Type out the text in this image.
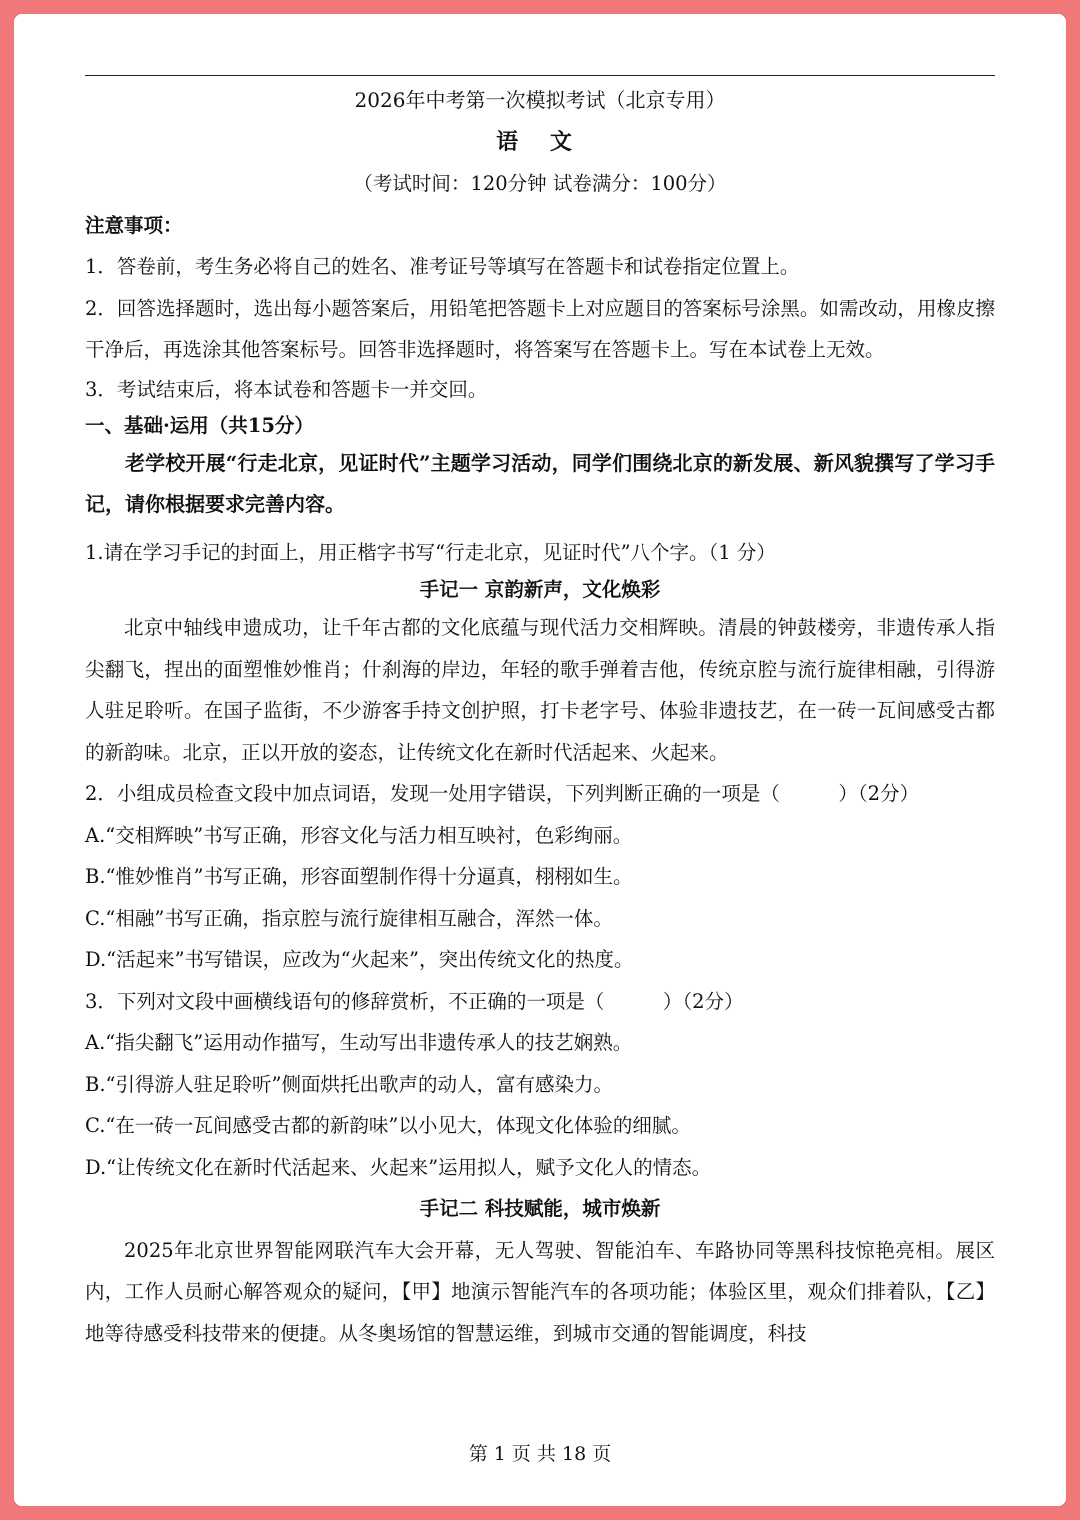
2026年中考第一次模拟考试（北京专用）

语 文

（考试时间：120分钟 试卷满分：100分）

注意事项：

1．答卷前，考生务必将自己的姓名、准考证号等填写在答题卡和试卷指定位置上。

2．回答选择题时，选出每小题答案后，用铅笔把答题卡上对应题目的答案标号涂黑。如需改动，用橡皮擦干净后，再选涂其他答案标号。回答非选择题时，将答案写在答题卡上。写在本试卷上无效。

3．考试结束后，将本试卷和答题卡一并交回。

一、基础·运用（共15分）

老学校开展“行走北京，见证时代”主题学习活动，同学们围绕北京的新发展、新风貌撰写了学习手记，请你根据要求完善内容。

1.请在学习手记的封面上，用正楷字书写“行走北京，见证时代”八个字。（1 分）

手记一 京韵新声，文化焕彩

北京中轴线申遗成功，让千年古都的文化底蕴与现代活力交相辉映。清晨的钟鼓楼旁，非遗传承人指尖翻飞，捏出的面塑惟妙惟肖；什刹海的岸边，年轻的歌手弹着吉他，传统京腔与流行旋律相融，引得游人驻足聆听。在国子监街，不少游客手持文创护照，打卡老字号、体验非遗技艺，在一砖一瓦间感受古都的新韵味。北京，正以开放的姿态，让传统文化在新时代活起来、火起来。

2．小组成员检查文段中加点词语，发现一处用字错误，下列判断正确的一项是（　　　）（2分）

A.“交相辉映”书写正确，形容文化与活力相互映衬，色彩绚丽。

B.“惟妙惟肖”书写正确，形容面塑制作得十分逼真，栩栩如生。

C.“相融”书写正确，指京腔与流行旋律相互融合，浑然一体。

D.“活起来”书写错误，应改为“火起来”，突出传统文化的热度。

3．下列对文段中画横线语句的修辞赏析，不正确的一项是（　　　）（2分）

A.“指尖翻飞”运用动作描写，生动写出非遗传承人的技艺娴熟。

B.“引得游人驻足聆听”侧面烘托出歌声的动人，富有感染力。

C.“在一砖一瓦间感受古都的新韵味”以小见大，体现文化体验的细腻。

D.“让传统文化在新时代活起来、火起来”运用拟人，赋予文化人的情态。

手记二 科技赋能，城市焕新

2025年北京世界智能网联汽车大会开幕，无人驾驶、智能泊车、车路协同等黑科技惊艳亮相。展区内，工作人员耐心解答观众的疑问，【甲】地演示智能汽车的各项功能；体验区里，观众们排着队，【乙】地等待感受科技带来的便捷。从冬奥场馆的智慧运维，到城市交通的智能调度，科技

第 1 页 共 18 页
